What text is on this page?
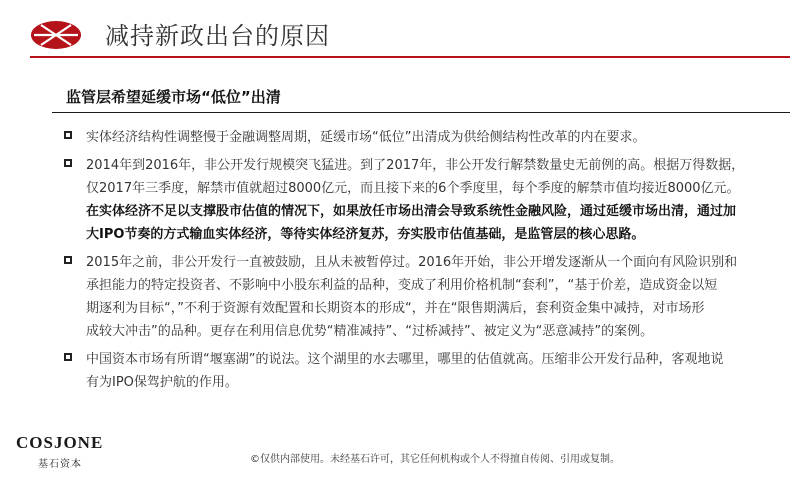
减持新政出台的原因
监管层希望延缓市场“低位”出清
实体经济结构性调整慢于金融调整周期，延缓市场“低位”出清成为供给侧结构性改革的内在要求。
2014年到2016年，非公开发行规模突飞猛进。到了2017年，非公开发行解禁数量史无前例的高。根据万得数据，
仅2017年三季度，解禁市值就超过8000亿元，而且接下来的6个季度里，每个季度的解禁市值均接近8000亿元。
在实体经济不足以支撑股市估值的情况下，如果放任市场出清会导致系统性金融风险，通过延缓市场出清，通过加
大IPO节奏的方式输血实体经济，等待实体经济复苏，夯实股市估值基础，是监管层的核心思路。
2015年之前，非公开发行一直被鼓励，且从未被暂停过。2016年开始，非公开增发逐渐从一个面向有风险识别和
承担能力的特定投资者、不影响中小股东利益的品种，变成了利用价格机制“套利”，“基于价差，造成资金以短
期逐利为目标“，”不利于资源有效配置和长期资本的形成“，并在“限售期满后，套利资金集中减持，对市场形
成较大冲击”的品种。更存在利用信息优势“精准减持”、“过桥减持”、被定义为“恶意减持”的案例。
中国资本市场有所谓“堰塞湖”的说法。这个湖里的水去哪里，哪里的估值就高。压缩非公开发行品种，客观地说
有为IPO保驾护航的作用。
COSJONE
基石资本	©仅供内部使用。未经基石许可，其它任何机构或个人不得擅自传阅、引用或复制。
